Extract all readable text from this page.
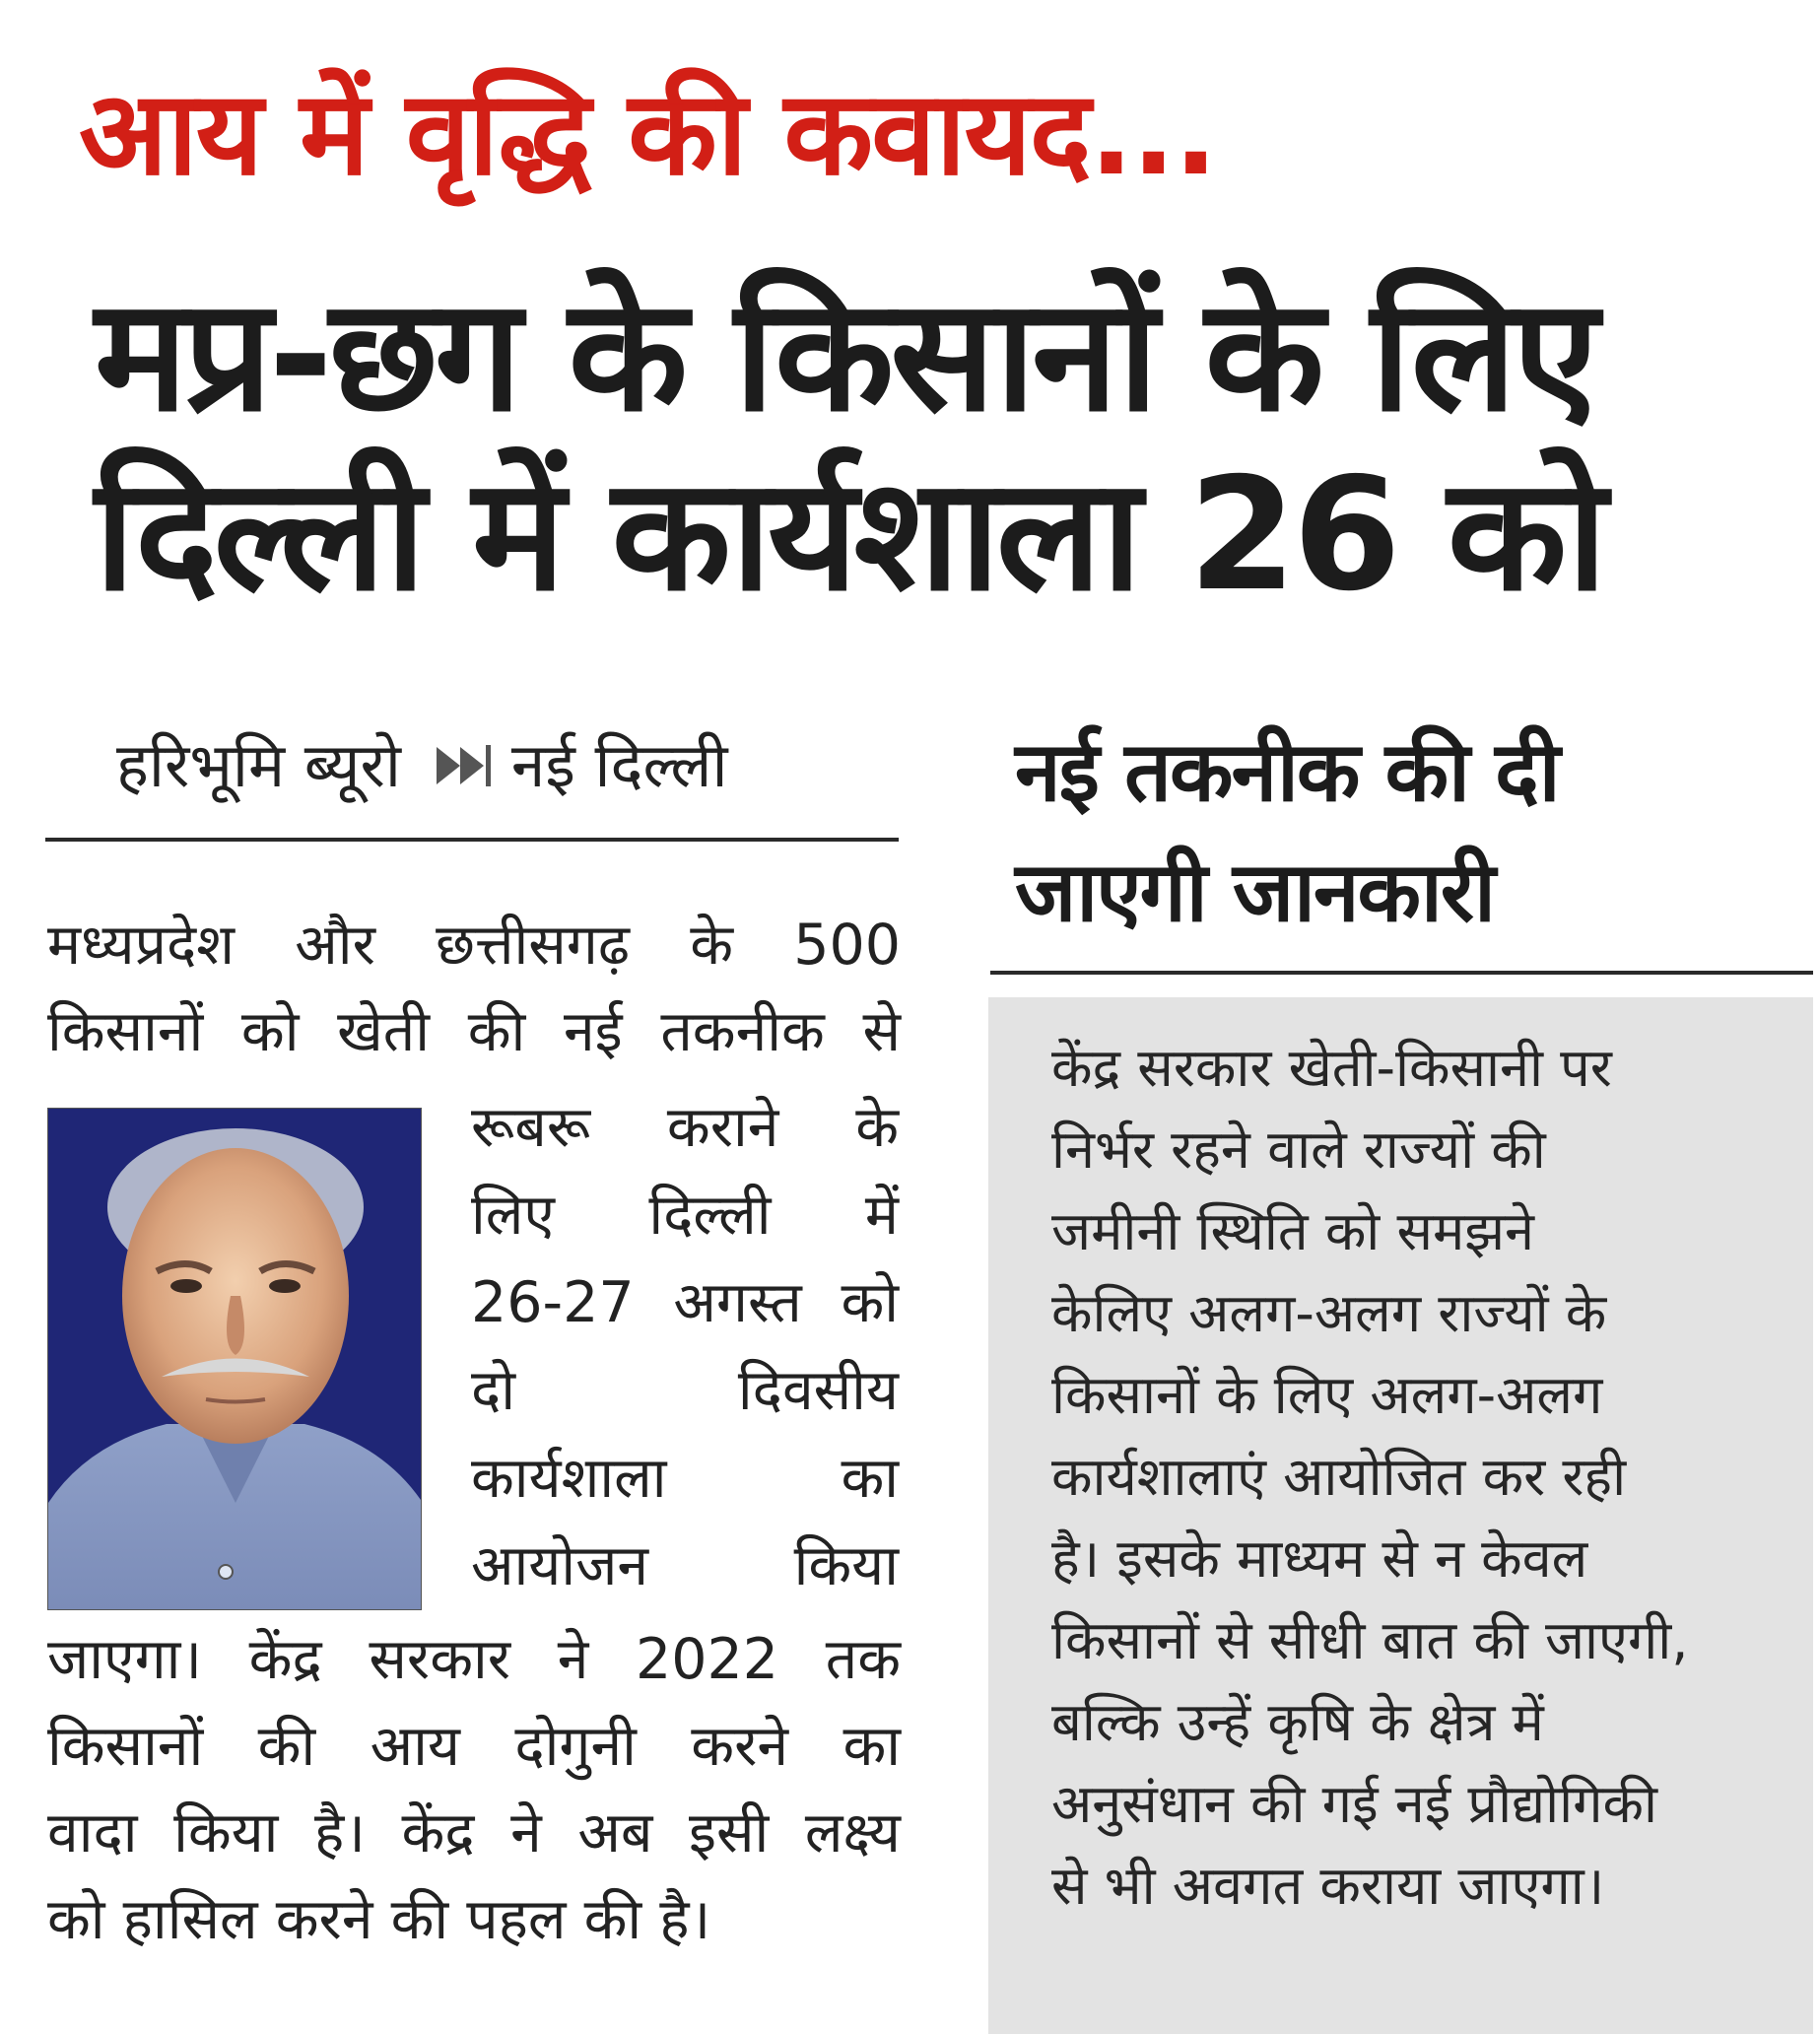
आय में वृद्धि की कवायद...
मप्र-छग के किसानों के लिए
दिल्ली में कार्यशाला 26 को
हरिभूमि ब्यूरो नई दिल्ली
मध्यप्रदेश और छत्तीसगढ़ के 500
किसानों को खेती की नई तकनीक से
रूबरू कराने के
लिए दिल्ली में
26-27 अगस्त को
दो दिवसीय
कार्यशाला का
आयोजन किया
जाएगा। केंद्र सरकार ने 2022 तक
किसानों की आय दोगुनी करने का
वादा किया है। केंद्र ने अब इसी लक्ष्य
को हासिल करने की पहल की है।
नई तकनीक की दी
जाएगी जानकारी
केंद्र सरकार खेती-किसानी पर
निर्भर रहने वाले राज्यों की
जमीनी स्थिति को समझने
केलिए अलग-अलग राज्यों के
किसानों के लिए अलग-अलग
कार्यशालाएं आयोजित कर रही
है। इसके माध्यम से न केवल
किसानों से सीधी बात की जाएगी,
बल्कि उन्हें कृषि के क्षेत्र में
अनुसंधान की गई नई प्रौद्योगिकी
से भी अवगत कराया जाएगा।
